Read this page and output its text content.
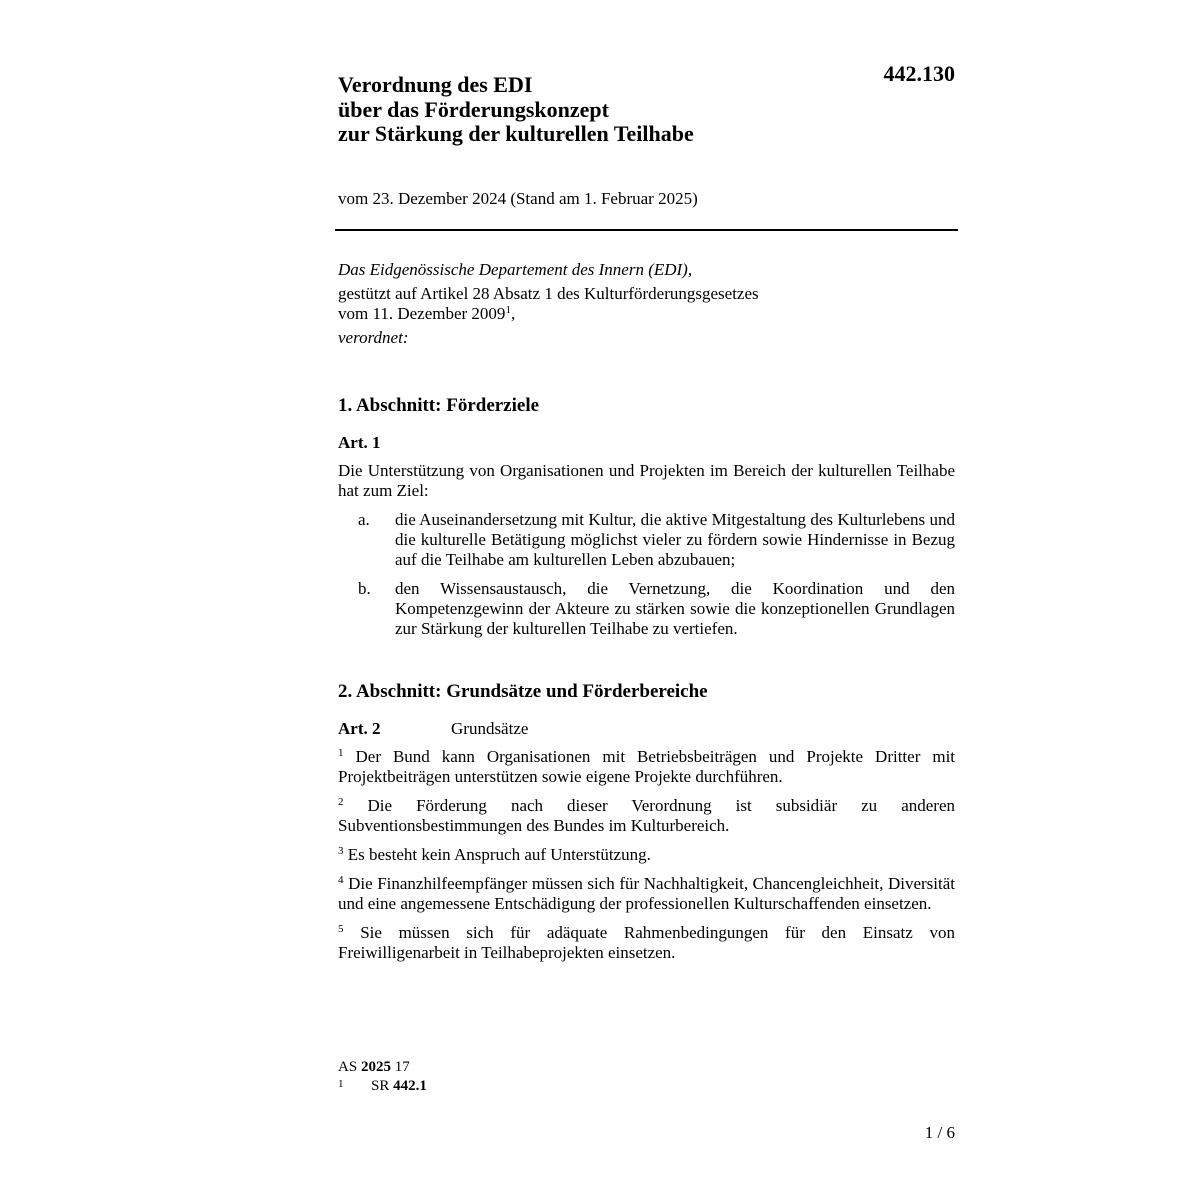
442.130
Verordnung des EDI
über das Förderungskonzept
zur Stärkung der kulturellen Teilhabe
vom 23. Dezember 2024 (Stand am 1. Februar 2025)
Das Eidgenössische Departement des Innern (EDI),
gestützt auf Artikel 28 Absatz 1 des Kulturförderungsgesetzes
vom 11. Dezember 2009$^1$,
verordnet:
1. Abschnitt: Förderziele
Art. 1
Die Unterstützung von Organisationen und Projekten im Bereich der kulturellen Teilhabe hat zum Ziel:
a.	die Auseinandersetzung mit Kultur, die aktive Mitgestaltung des Kulturlebens und die kulturelle Betätigung möglichst vieler zu fördern sowie Hindernisse in Bezug auf die Teilhabe am kulturellen Leben abzubauen;
b.	den Wissensaustausch, die Vernetzung, die Koordination und den Kompetenzgewinn der Akteure zu stärken sowie die konzeptionellen Grundlagen zur Stärkung der kulturellen Teilhabe zu vertiefen.
2. Abschnitt: Grundsätze und Förderbereiche
Art. 2	Grundsätze
$^1$ Der Bund kann Organisationen mit Betriebsbeiträgen und Projekte Dritter mit Projektbeiträgen unterstützen sowie eigene Projekte durchführen.
$^2$ Die Förderung nach dieser Verordnung ist subsidiär zu anderen Subventionsbestimmungen des Bundes im Kulturbereich.
$^3$ Es besteht kein Anspruch auf Unterstützung.
$^4$ Die Finanzhilfeempfänger müssen sich für Nachhaltigkeit, Chancengleichheit, Diversität und eine angemessene Entschädigung der professionellen Kulturschaffenden einsetzen.
$^5$ Sie müssen sich für adäquate Rahmenbedingungen für den Einsatz von Freiwilligenarbeit in Teilhabeprojekten einsetzen.
AS 2025 17
1 SR 442.1
1 / 6
